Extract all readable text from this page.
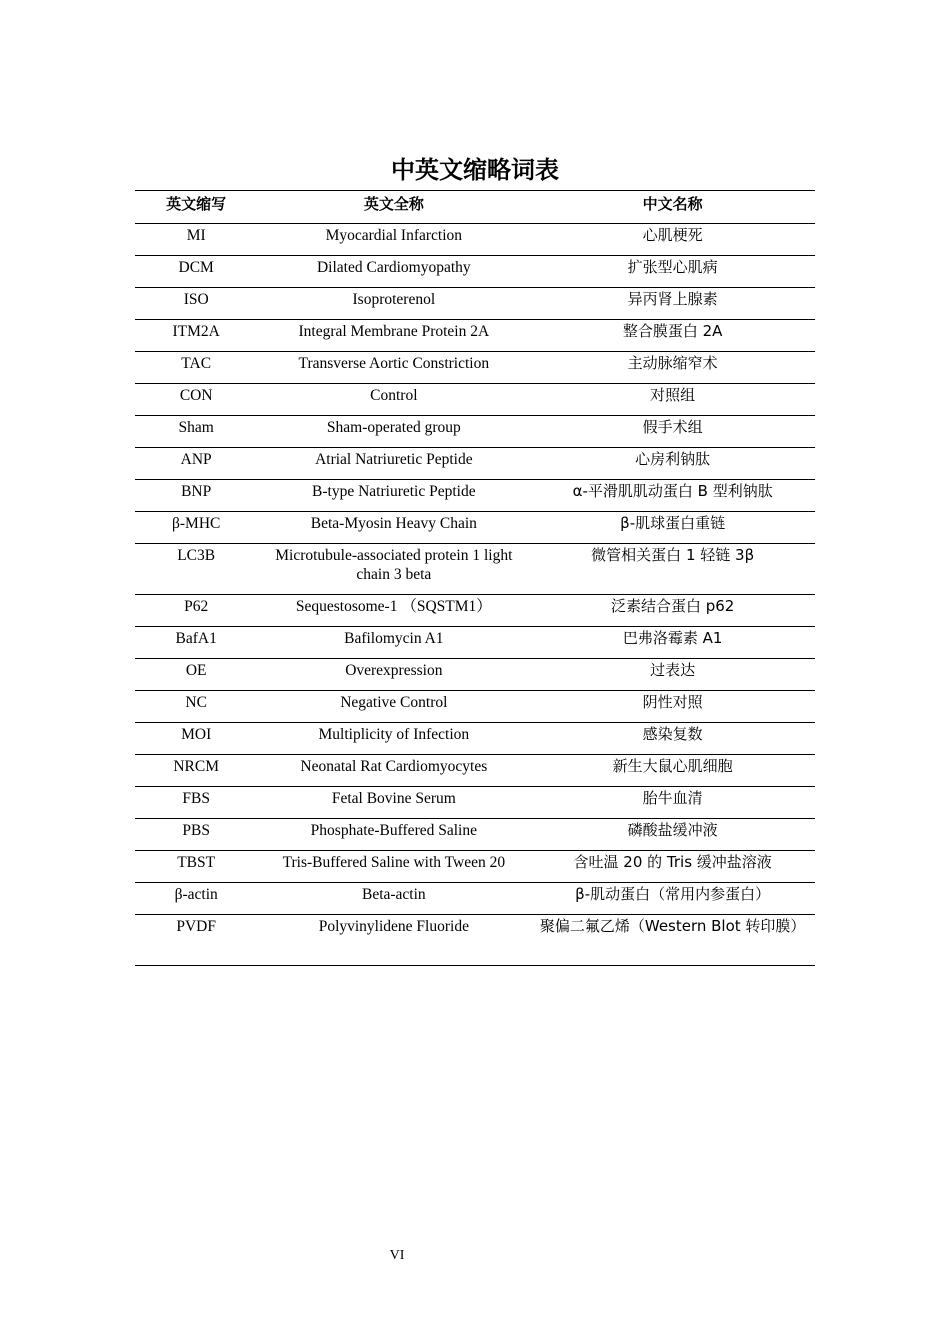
中英文缩略词表
英文缩写	英文全称	中文名称
MI	Myocardial Infarction	心肌梗死
DCM	Dilated Cardiomyopathy	扩张型心肌病
ISO	Isoproterenol	异丙肾上腺素
ITM2A	Integral Membrane Protein 2A	整合膜蛋白 2A
TAC	Transverse Aortic Constriction	主动脉缩窄术
CON	Control	对照组
Sham	Sham-operated group	假手术组
ANP	Atrial Natriuretic Peptide	心房利钠肽
BNP	B-type Natriuretic Peptide	α-平滑肌肌动蛋白 B 型利钠肽
β-MHC	Beta-Myosin Heavy Chain	β-肌球蛋白重链
LC3B	Microtubule-associated protein 1 light chain 3 beta	微管相关蛋白 1 轻链 3β
P62	Sequestosome-1 （SQSTM1）	泛素结合蛋白 p62
BafA1	Bafilomycin A1	巴弗洛霉素 A1
OE	Overexpression	过表达
NC	Negative Control	阴性对照
MOI	Multiplicity of Infection	感染复数
NRCM	Neonatal Rat Cardiomyocytes	新生大鼠心肌细胞
FBS	Fetal Bovine Serum	胎牛血清
PBS	Phosphate-Buffered Saline	磷酸盐缓冲液
TBST	Tris-Buffered Saline with Tween 20	含吐温 20 的 Tris 缓冲盐溶液
β-actin	Beta-actin	β-肌动蛋白（常用内参蛋白）
PVDF	Polyvinylidene Fluoride	聚偏二氟乙烯（Western Blot 转印膜）
VI
